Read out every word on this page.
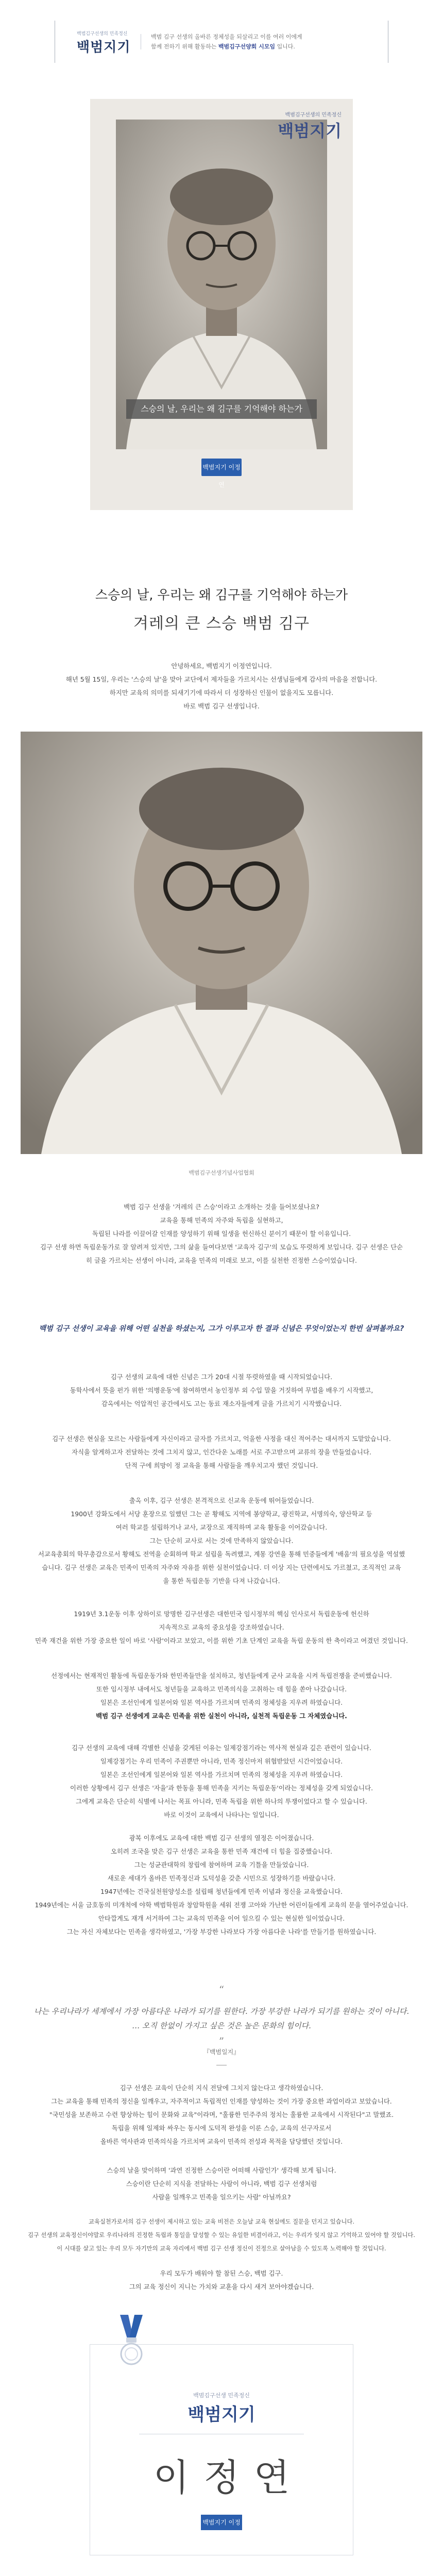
백범김구선생의 민족정신
백범지기
백범 김구 선생의 올바른 정체성을 되살리고 이를 여러 이에게
함께 전하기 위해 활동하는 백범김구선양회 시모임 입니다.
백범김구선생의 민족정신
백범지기
스승의 날, 우리는 왜 김구를 기억해야 하는가
백범지기 이정연
스승의 날, 우리는 왜 김구를 기억해야 하는가
겨레의 큰 스승 백범 김구

안녕하세요, 백범지기 이정연입니다.

해년 5월 15일, 우리는 '스승의 날'을 맞아 교단에서 제자들을 가르치시는 선생님들에게 감사의 마음을 전합니다.

하지만 교육의 의미를 되새기기에 따라서 더 성장하신 인물이 없을지도 모릅니다.

바로 백범 김구 선생입니다.

백범김구선생기념사업협회

백범 김구 선생을 '겨레의 큰 스승'이라고 소개하는 것을 들어보셨나요?

교육을 통해 민족의 자주와 독립을 실현하고,

독립된 나라를 이끌어갈 인재를 양성하기 위해 일생을 헌신하신 분이기 때문이 할 이유입니다.

김구 선생 하면 독립운동가로 잘 알려져 있지만, 그의 삶을 들여다보면 '교육자 김구'의 모습도 뚜렷하게 보입니다. 김구 선생은 단순

히 글을 가르치는 선생이 아니라, 교육을 민족의 미래로 보고, 이를 실천한 진정한 스승이었습니다.

백범 김구 선생이 교육을 위해 어떤 실천을 하셨는지, 그가 이루고자 한 결과 신념은 무엇이었는지 한번 살펴볼까요?

김구 선생의 교육에 대한 신념은 그가 20대 시절 뚜렷하였을 때 시작되었습니다.

동학사에서 뜻을 펀가 위한 '의병운동'에 참여하면서 농인정부 외 수입 말을 거짓하여 무법을 배우기 시작했고,

감옥에서는 억압적인 공간에서도 고는 동료 재소자들에게 글을 가르치기 시작했습니다.

김구 선생은 현실을 모르는 사람들에게 자신이라고 글자를 가르치고, 억울한 사정을 대신 적어주는 대서까지 도맡았습니다.

자식을 알게하고자 전달하는 것에 그치지 않고, 인간다운 노래를 서로 주고받으며 교류의 장을 만들었습니다.

단적 구에 희망이 정 교육을 통해 사람들을 깨우치고자 했던 것입니다.

출옥 이후, 김구 선생은 본격적으로 신교육 운동에 뛰어들었습니다.

1900년 강화도에서 서당 훈장으로 일했던 그는 곧 황해도 지역에 봉양학교, 광진학교, 서명의숙, 양산학교 등

여러 학교를 설립하거나 교사, 교장으로 재직하며 교육 활동을 이어갔습니다.

그는 단순히 교사로 서는 것에 만족하지 않았습니다.

서교육총회의 학무총감으로서 황해도 전역을 순회하며 학교 설립을 독려했고, 계몽 강연을 통해 민중들에게 '배움'의 필요성을 역설했

습니다. 김구 선생은 교육은 민족이 민족의 자주와 자유를 위한 실천이었습니다. 더 이상 지는 단련에서도 가르쳤고, 조직적인 교육

을 통한 독립운동 기반을 다져 나갔습니다.

1919년 3.1운동 이후 상하이로 망명한 김구선생은 대한민국 임시정부의 핵심 인사로서 독립운동에 헌신하

지속적으로 교육의 중요성을 강조하였습니다.

민족 재건을 위한 가장 중요한 일이 바로 '사람'이라고 보았고, 이를 위한 기초 단계인 교육을 독립 운동의 한 축이라고 여겼던 것입니다.

선정에서는 현재적인 활동에 독립운동가와 한민족들만을 설치하고, 청년들에게 군사 교육을 시켜 독립전쟁을 준비했습니다.

또한 임시정부 내에서도 청년들을 교육하고 민족의식을 고취하는 데 힘을 쏟아 나갔습니다.

일본은 조선인에게 일본어와 일본 역사를 가르치며 민족의 정체성을 지우려 하였습니다.

백범 김구 선생에게 교육은 민족을 위한 실천이 아니라, 실천적 독립운동 그 자체였습니다.

김구 선생의 교육에 대해 각별한 신념을 갖게된 이유는 일제강점기라는 역사적 현실과 깊은 관련이 있습니다.

일제강점기는 우리 민족이 주권뿐만 아니라, 민족 정신마저 위협받았던 시간이었습니다.

일본은 조선인에게 일본어와 일본 역사를 가르치며 민족의 정체성을 지우려 하였습니다.

이러한 상황에서 김구 선생은 '자율'과 한동을 통해 민족을 지키는 독립운동'이라는 정체성을 갖게 되었습니다.

그에게 교육은 단순히 식별에 나서는 목표 아니라, 민족 독립을 위한 하나의 투쟁이었다고 할 수 있습니다.

바로 이것이 교육에서 나타나는 일입니다.

광복 이후에도 교육에 대한 백범 김구 선생의 열정은 이어졌습니다.

오히려 조국을 맞은 김구 선생은 교육을 통한 민족 재건에 더 힘을 집중했습니다.

그는 성균관대학의 창립에 참여하며 교육 기틀을 만들었습니다.

새로운 세대가 올바른 민족정신과 도덕성을 갖춘 시민으로 성장하기를 바랐습니다.

1947년에는 건국실천원양성소를 설립해 청년들에게 민족 이념과 정신을 교육했습니다.

1949년에는 서울 금호동의 미개척에 야학 백범학원과 창암학원을 세워 전쟁 고아와 가난한 어린이들에게 교육의 문을 열어주었습니다.

안타깝게도 재개 서거하여 그는 교육의 민족을 이어 일으킬 수 있는 현실한 일이었습니다.

그는 자신 자체보다는 민족을 생각하였고, '가장 부강한 나라보다 가장 아름다운 나라'를 만들기를 원하였습니다.

“
나는 우리나라가 세계에서 가장 아름다운 나라가 되기를 원한다. 가장 부강한 나라가 되기를 원하는 것이 아니다.
… 오직 한없이 가지고 싶은 것은 높은 문화의 힘이다.
”
『백범일지』

김구 선생은 교육이 단순히 지식 전달에 그치지 않는다고 생각하였습니다.

그는 교육을 통해 민족의 정신을 일깨우고, 자주적이고 독립적인 인재를 양성하는 것이 가장 중요한 과업이라고 보았습니다.

"국민성을 보존하고 수련 향상하는 힘이 문화와 교육"이라며, "훌륭한 민주주의 정치는 훌륭한 교육에서 시작된다"고 말했죠.

독립을 위해 일제와 싸우는 동시에 도덕적 완성을 이룬 스승, 교육의 선구자로서

올바른 역사관과 민족의식을 가르치며 교육이 민족의 전성과 목적을 담당했던 것입니다.

스승의 날을 맞이하며 '과연 진정한 스승이란 어떠해 사람인가' 생각해 보게 됩니다.

스승이란 단순히 지식을 전달하는 사람이 아니라, 백범 김구 선생처럼

사람을 일깨우고 민족을 일으키는 사람' 아닐까요?

교육실천가로서의 김구 선생이 제시하고 있는 교육 비전은 오늘날 교육 현실에도 질문을 던지고 있습니다.

김구 선생의 교육정신이야말로 우리나라의 진정한 독립과 통일을 달성할 수 있는 유일한 비결이라고, 이는 우리가 잊지 않고 기억하고 있어야 할 것입니다.

이 시대를 살고 있는 우리 모두 자기만의 교육 자리에서 백범 김구 선생 정신이 진정으로 살아남을 수 있도록 노력해야 할 것입니다.

우리 모두가 배워야 할 참된 스승, 백범 김구.

그의 교육 정신이 지니는 가치와 교훈을 다시 새겨 보아야겠습니다.

백범김구선생 민족정신
백범지기
이정연
백범지기 이정연
